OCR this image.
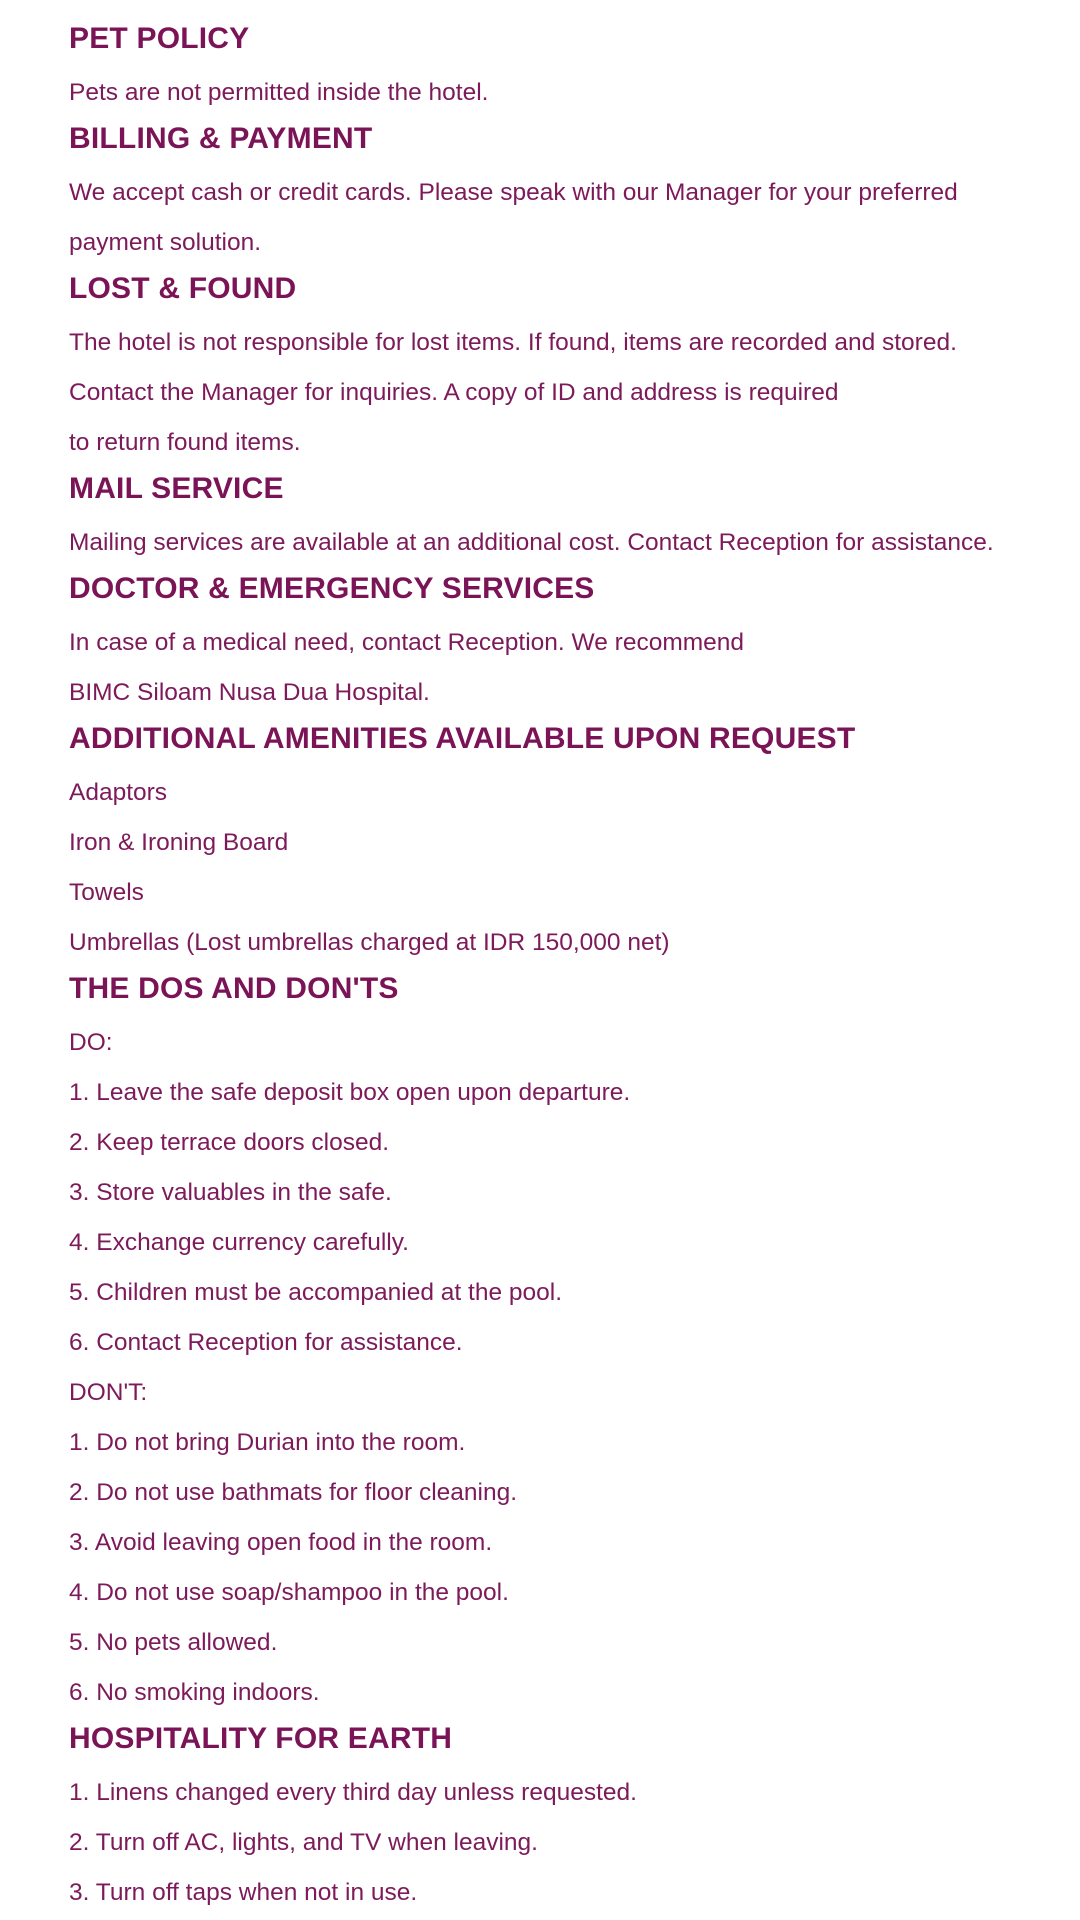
PET POLICY

Pets are not permitted inside the hotel.

BILLING & PAYMENT

We accept cash or credit cards. Please speak with our Manager for your preferred

payment solution.

LOST & FOUND

The hotel is not responsible for lost items. If found, items are recorded and stored.

Contact the Manager for inquiries. A copy of ID and address is required

to return found items.

MAIL SERVICE

Mailing services are available at an additional cost. Contact Reception for assistance.

DOCTOR & EMERGENCY SERVICES

In case of a medical need, contact Reception. We recommend

BIMC Siloam Nusa Dua Hospital.

ADDITIONAL AMENITIES AVAILABLE UPON REQUEST

Adaptors

Iron & Ironing Board

Towels

Umbrellas (Lost umbrellas charged at IDR 150,000 net)

THE DOS AND DON'TS

DO:

1. Leave the safe deposit box open upon departure.

2. Keep terrace doors closed.

3. Store valuables in the safe.

4. Exchange currency carefully.

5. Children must be accompanied at the pool.

6. Contact Reception for assistance.

DON'T:

1. Do not bring Durian into the room.

2. Do not use bathmats for floor cleaning.

3. Avoid leaving open food in the room.

4. Do not use soap/shampoo in the pool.

5. No pets allowed.

6. No smoking indoors.

HOSPITALITY FOR EARTH

1. Linens changed every third day unless requested.

2. Turn off AC, lights, and TV when leaving.

3. Turn off taps when not in use.
